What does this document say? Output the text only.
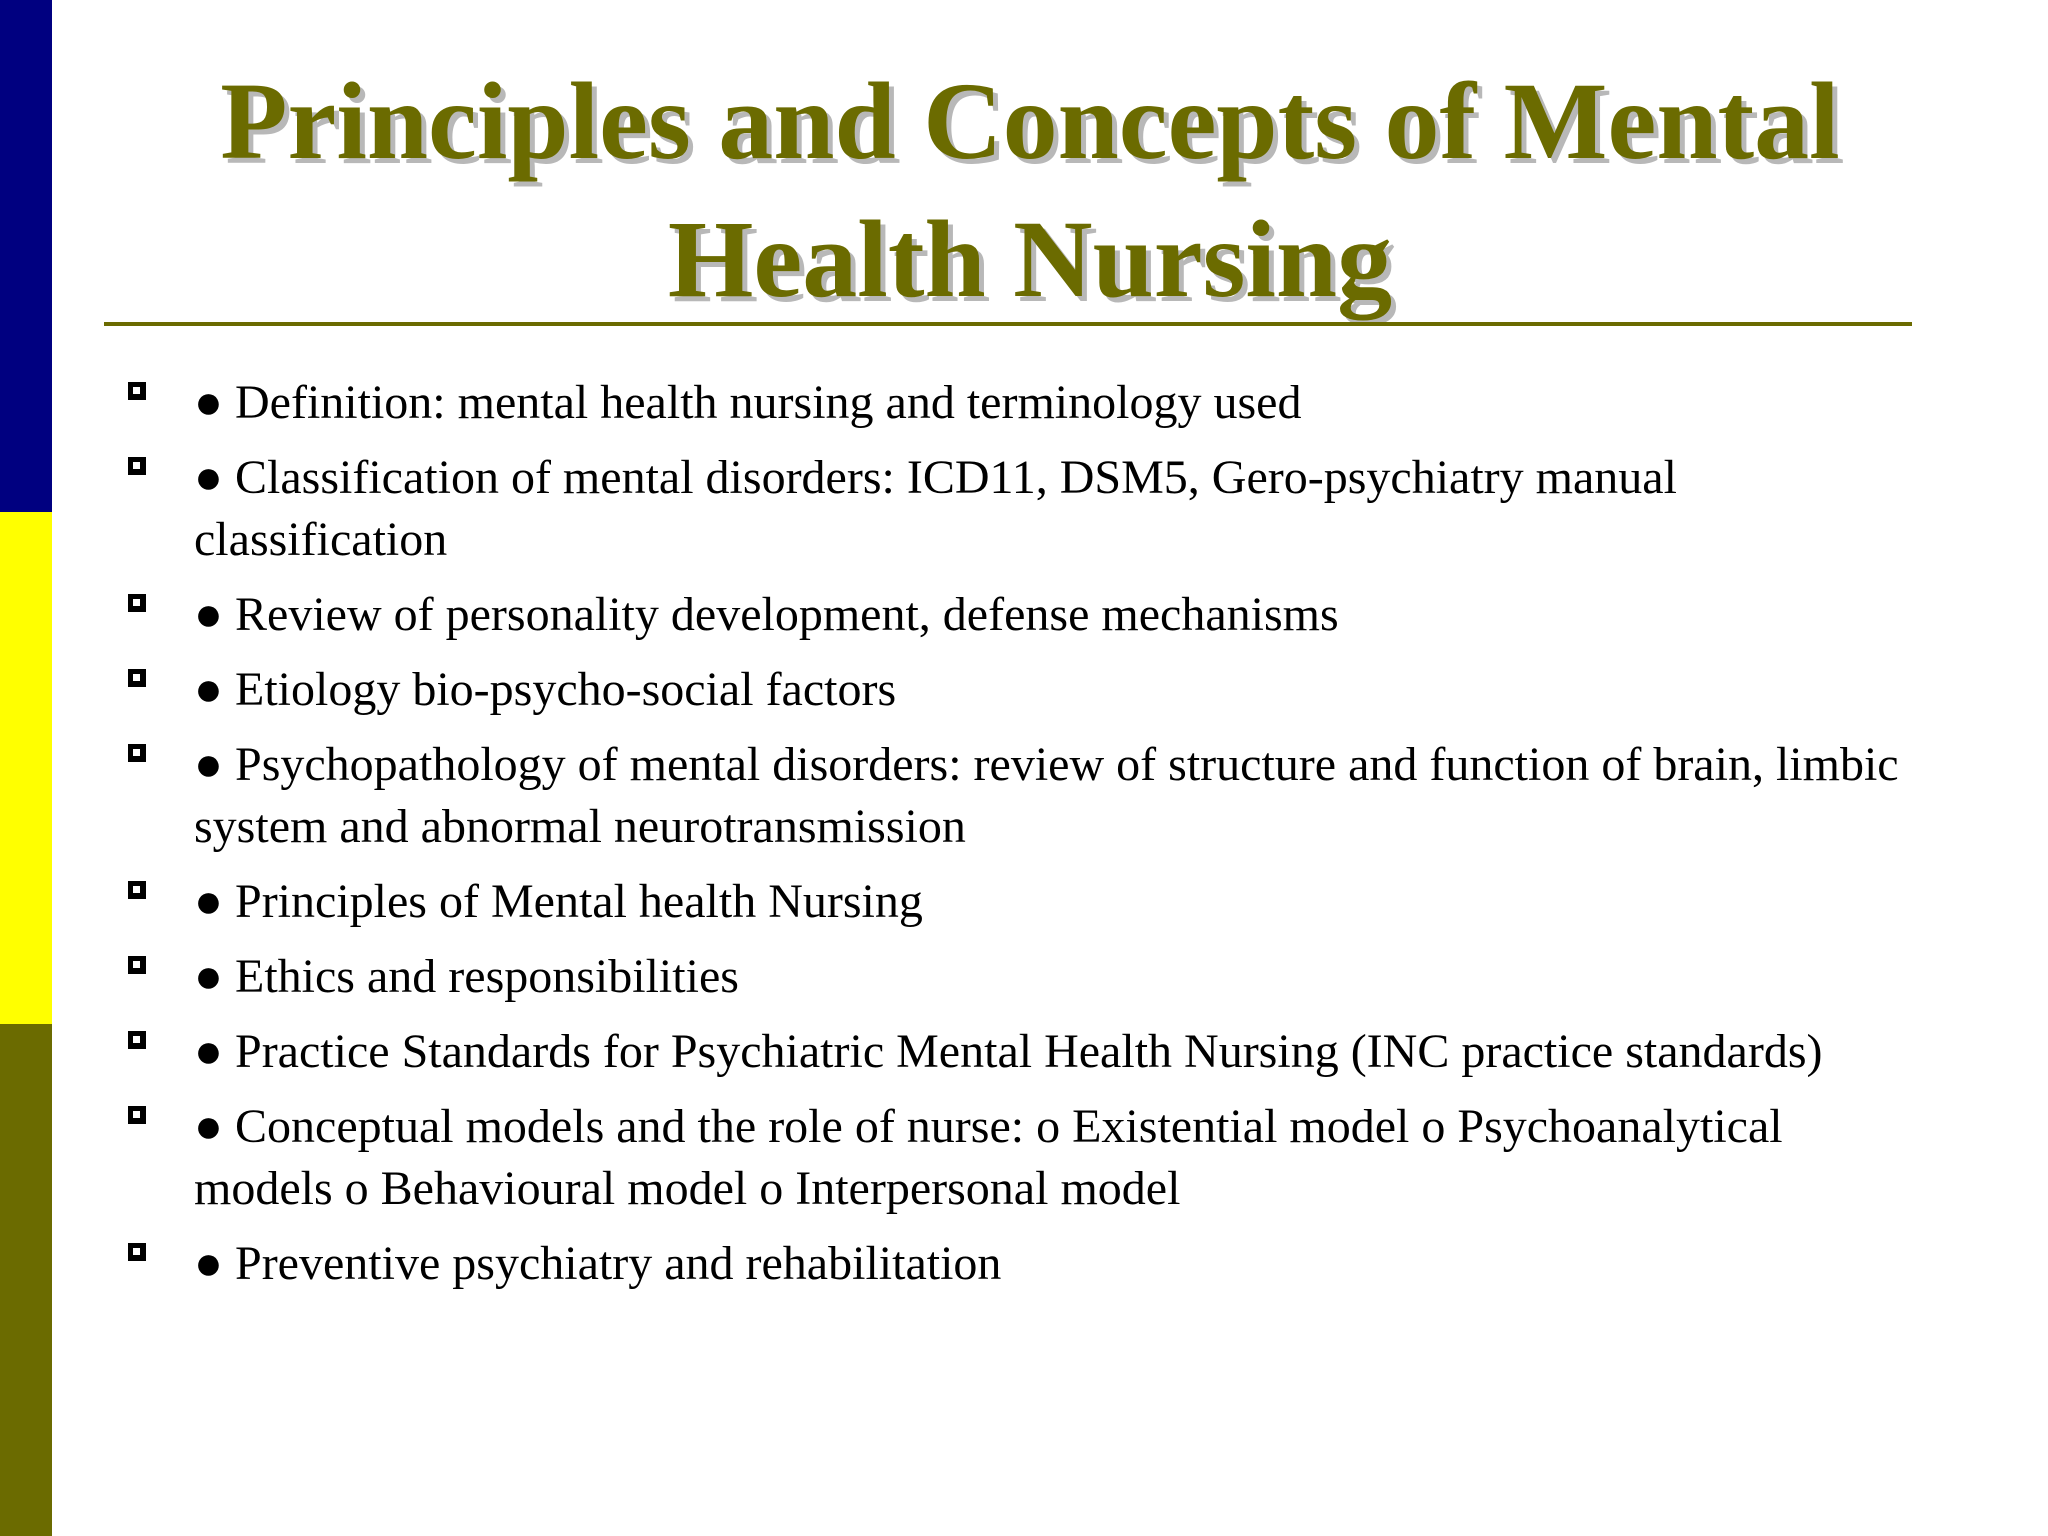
Principles and Concepts of Mental
Health Nursing
● Definition: mental health nursing and terminology used
● Classification of mental disorders: ICD11, DSM5, Gero-psychiatry manual classification
● Review of personality development, defense mechanisms
● Etiology bio-psycho-social factors
● Psychopathology of mental disorders: review of structure and function of brain, limbic system and abnormal neurotransmission
● Principles of Mental health Nursing
● Ethics and responsibilities
● Practice Standards for Psychiatric Mental Health Nursing (INC practice standards)
● Conceptual models and the role of nurse: o Existential model o Psychoanalytical models o Behavioural model o Interpersonal model
● Preventive psychiatry and rehabilitation
